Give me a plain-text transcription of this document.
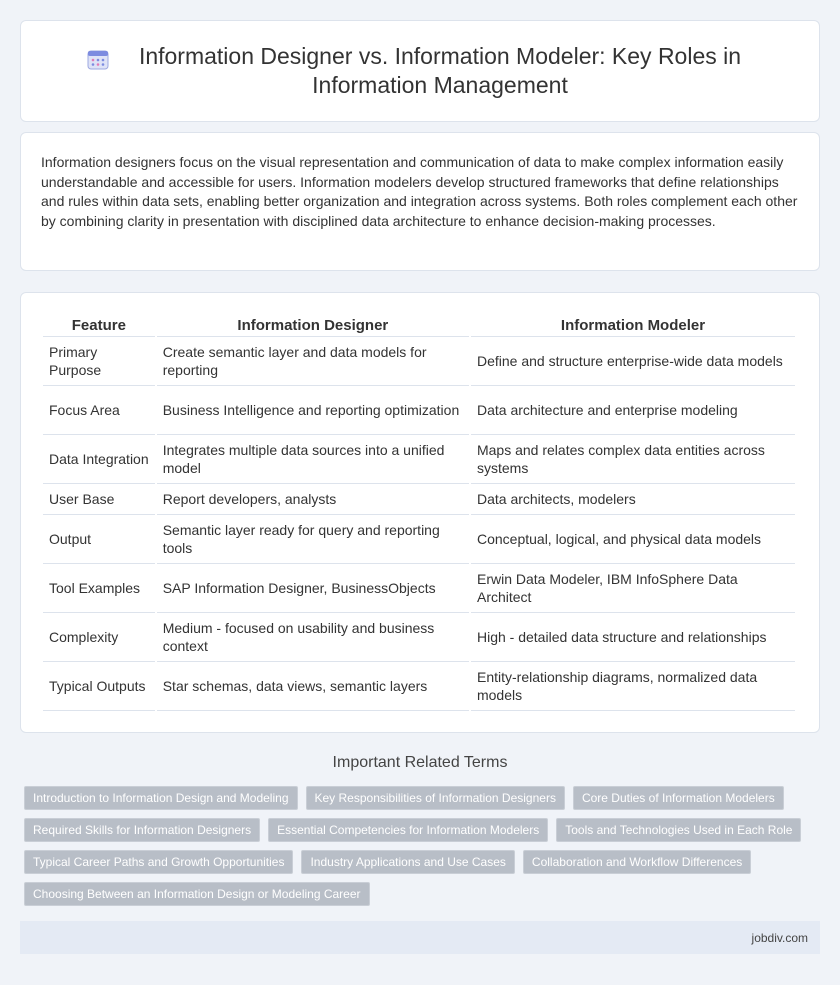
Information Designer vs. Information Modeler: Key Roles in Information Management

Information designers focus on the visual representation and communication of data to make complex information easily understandable and accessible for users. Information modelers develop structured frameworks that define relationships and rules within data sets, enabling better organization and integration across systems. Both roles complement each other by combining clarity in presentation with disciplined data architecture to enhance decision-making processes.

Feature	Information Designer	Information Modeler
Primary Purpose	Create semantic layer and data models for reporting	Define and structure enterprise-wide data models
Focus Area	Business Intelligence and reporting optimization	Data architecture and enterprise modeling
Data Integration	Integrates multiple data sources into a unified model	Maps and relates complex data entities across systems
User Base	Report developers, analysts	Data architects, modelers
Output	Semantic layer ready for query and reporting tools	Conceptual, logical, and physical data models
Tool Examples	SAP Information Designer, BusinessObjects	Erwin Data Modeler, IBM InfoSphere Data Architect
Complexity	Medium - focused on usability and business context	High - detailed data structure and relationships
Typical Outputs	Star schemas, data views, semantic layers	Entity-relationship diagrams, normalized data models
Important Related Terms
Introduction to Information Design and Modeling	Key Responsibilities of Information Designers	Core Duties of Information Modelers
Required Skills for Information Designers	Essential Competencies for Information Modelers	Tools and Technologies Used in Each Role
Typical Career Paths and Growth Opportunities	Industry Applications and Use Cases	Collaboration and Workflow Differences
Choosing Between an Information Design or Modeling Career
jobdiv.com
